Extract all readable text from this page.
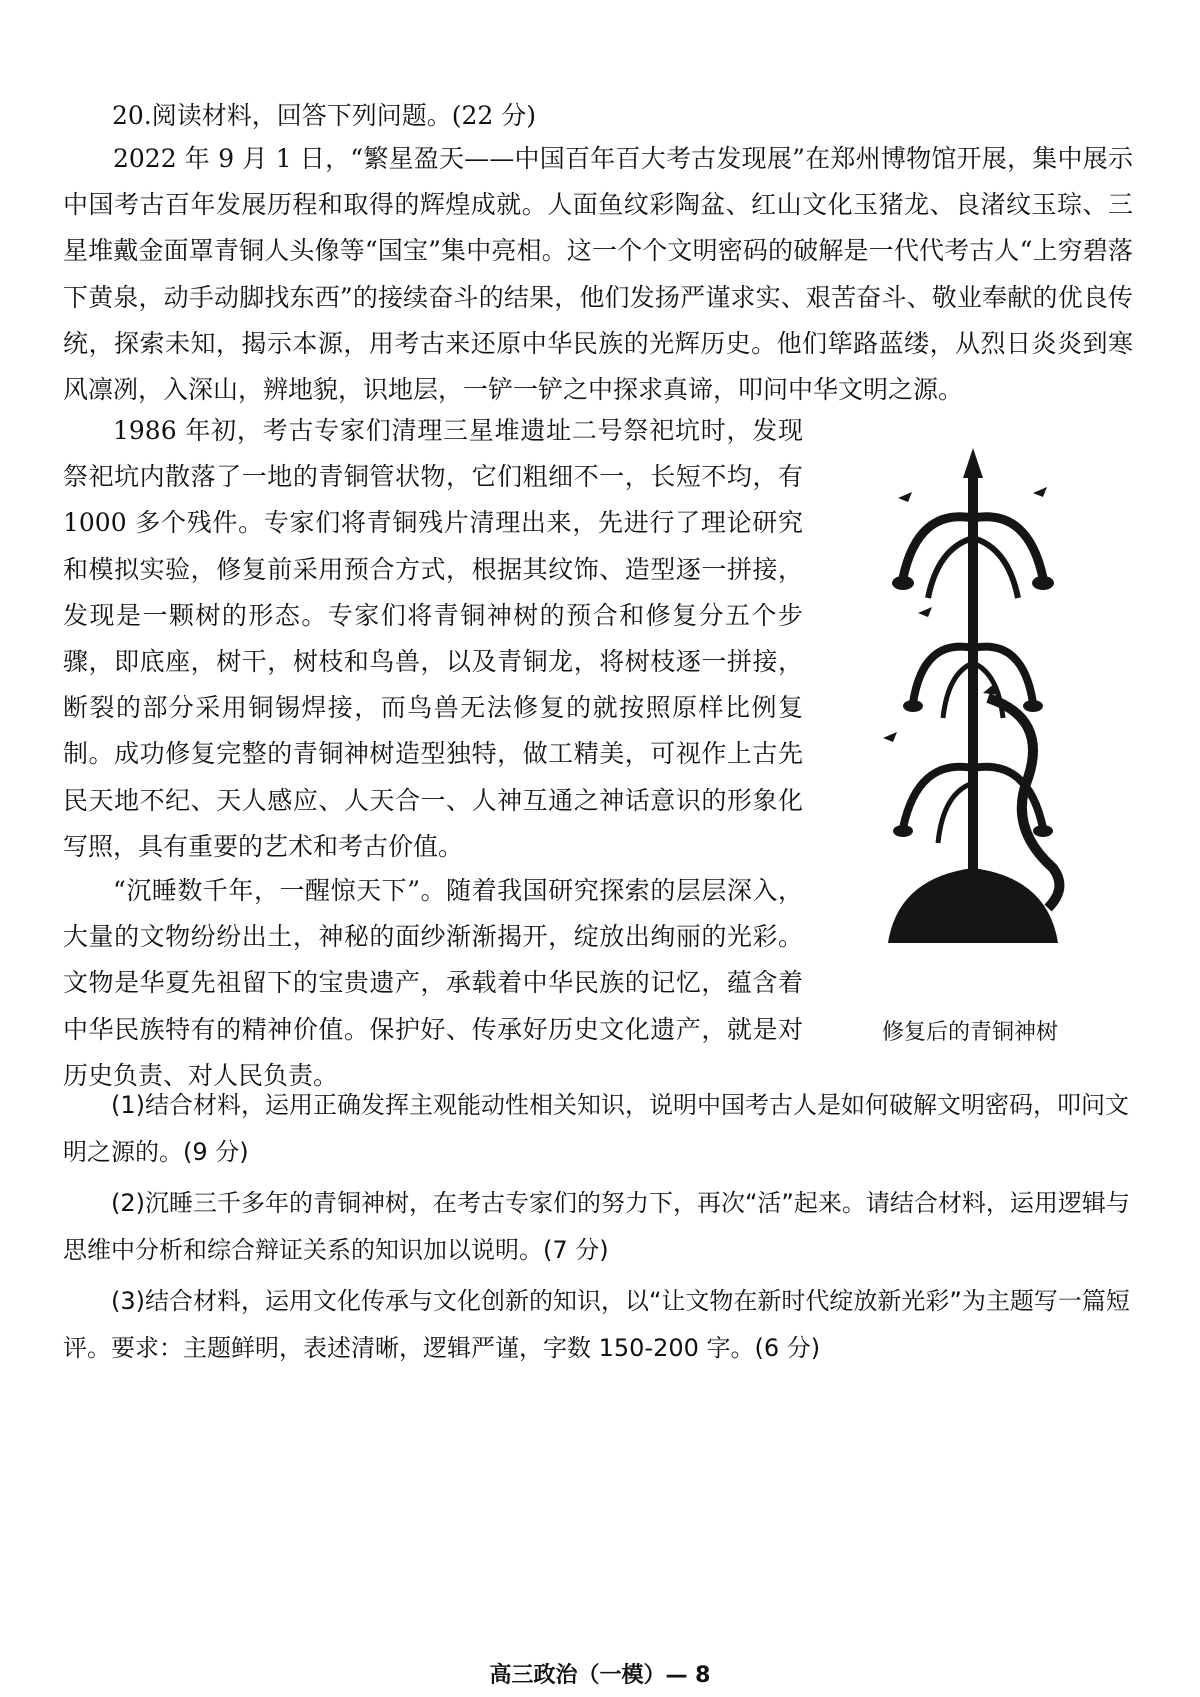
20.阅读材料，回答下列问题。(22 分)

2022 年 9 月 1 日，“繁星盈天——中国百年百大考古发现展”在郑州博物馆开展，集中展示中国考古百年发展历程和取得的辉煌成就。人面鱼纹彩陶盆、红山文化玉猪龙、良渚纹玉琮、三星堆戴金面罩青铜人头像等“国宝”集中亮相。这一个个文明密码的破解是一代代考古人“上穷碧落下黄泉，动手动脚找东西”的接续奋斗的结果，他们发扬严谨求实、艰苦奋斗、敬业奉献的优良传统，探索未知，揭示本源，用考古来还原中华民族的光辉历史。他们筚路蓝缕，从烈日炎炎到寒风凛冽，入深山，辨地貌，识地层，一铲一铲之中探求真谛，叩问中华文明之源。

1986 年初，考古专家们清理三星堆遗址二号祭祀坑时，发现祭祀坑内散落了一地的青铜管状物，它们粗细不一，长短不均，有 1000 多个残件。专家们将青铜残片清理出来，先进行了理论研究和模拟实验，修复前采用预合方式，根据其纹饰、造型逐一拼接，发现是一颗树的形态。专家们将青铜神树的预合和修复分五个步骤，即底座，树干，树枝和鸟兽，以及青铜龙，将树枝逐一拼接，断裂的部分采用铜锡焊接，而鸟兽无法修复的就按照原样比例复制。成功修复完整的青铜神树造型独特，做工精美，可视作上古先民天地不纪、天人感应、人天合一、人神互通之神话意识的形象化写照，具有重要的艺术和考古价值。

“沉睡数千年，一醒惊天下”。随着我国研究探索的层层深入，大量的文物纷纷出土，神秘的面纱渐渐揭开，绽放出绚丽的光彩。文物是华夏先祖留下的宝贵遗产，承载着中华民族的记忆，蕴含着中华民族特有的精神价值。保护好、传承好历史文化遗产，就是对历史负责、对人民负责。

修复后的青铜神树

(1)结合材料，运用正确发挥主观能动性相关知识，说明中国考古人是如何破解文明密码，叩问文明之源的。(9 分)

(2)沉睡三千多年的青铜神树，在考古专家们的努力下，再次“活”起来。请结合材料，运用逻辑与思维中分析和综合辩证关系的知识加以说明。(7 分)

(3)结合材料，运用文化传承与文化创新的知识，以“让文物在新时代绽放新光彩”为主题写一篇短评。要求：主题鲜明，表述清晰，逻辑严谨，字数 150-200 字。(6 分)

高三政治（一模）— 8
